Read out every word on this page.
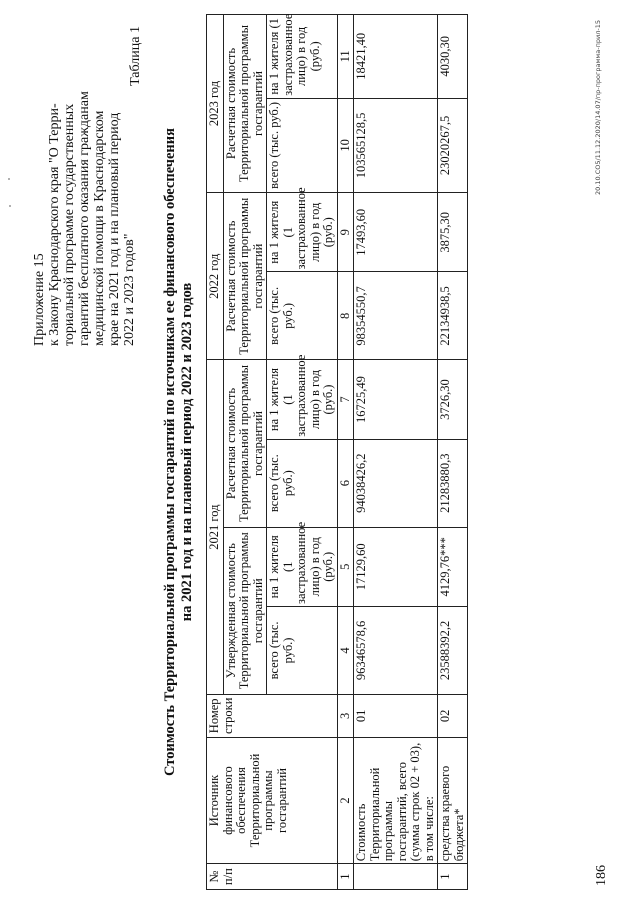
Приложение 15 к Закону Краснодарского края "О Терри- ториальной программе государственных гарантий бесплатного оказания гражданам медицинской помощи в Краснодарском крае на 2021 год и на плановый период 2022 и 2023 годов"
Таблица 1
Стоимость Территориальной программы госгарантий по источникам ее финансового обеспечения на 2021 год и на плановый период 2022 и 2023 годов
№ п/п	Источник финансового обеспечения Территориальной программы госгарантий	Номер строки	2021 год				2022 год		2023 год	
			Утвержденная стоимость Территориальной программы госгарантий		Расчетная стоимость Территориальной программы госгарантий		Расчетная стоимость Территориальной программы госгарантий		Расчетная стоимость Территориальной программы госгарантий	
			всего (тыс. руб.)	на 1 жителя (1 застрахованное лицо) в год (руб.)	всего (тыс. руб.)	на 1 жителя (1 застрахованное лицо) в год (руб.)	всего (тыс. руб.)	на 1 жителя (1 застрахованное лицо) в год (руб.)	всего (тыс. руб.)	на 1 жителя (1 застрахованное лицо) в год (руб.)
1	2	3	4	5	6	7	8	9	10	11
	Стоимость Территориальной программы госгарантий, всего (сумма строк 02 + 03), в том числе:	01	96346578,6	17129,60	94038426,2	16725,49	98354550,7	17493,60	103565128,5	18421,40
1	средства краевого бюджета*	02	23588392,2	4129,76***	21283880,3	3726,30	22134938,5	3875,30	23020267,5	4030,30
186
20.10.CO5/11.12.2020/14.07/пр-программа-прил-15
